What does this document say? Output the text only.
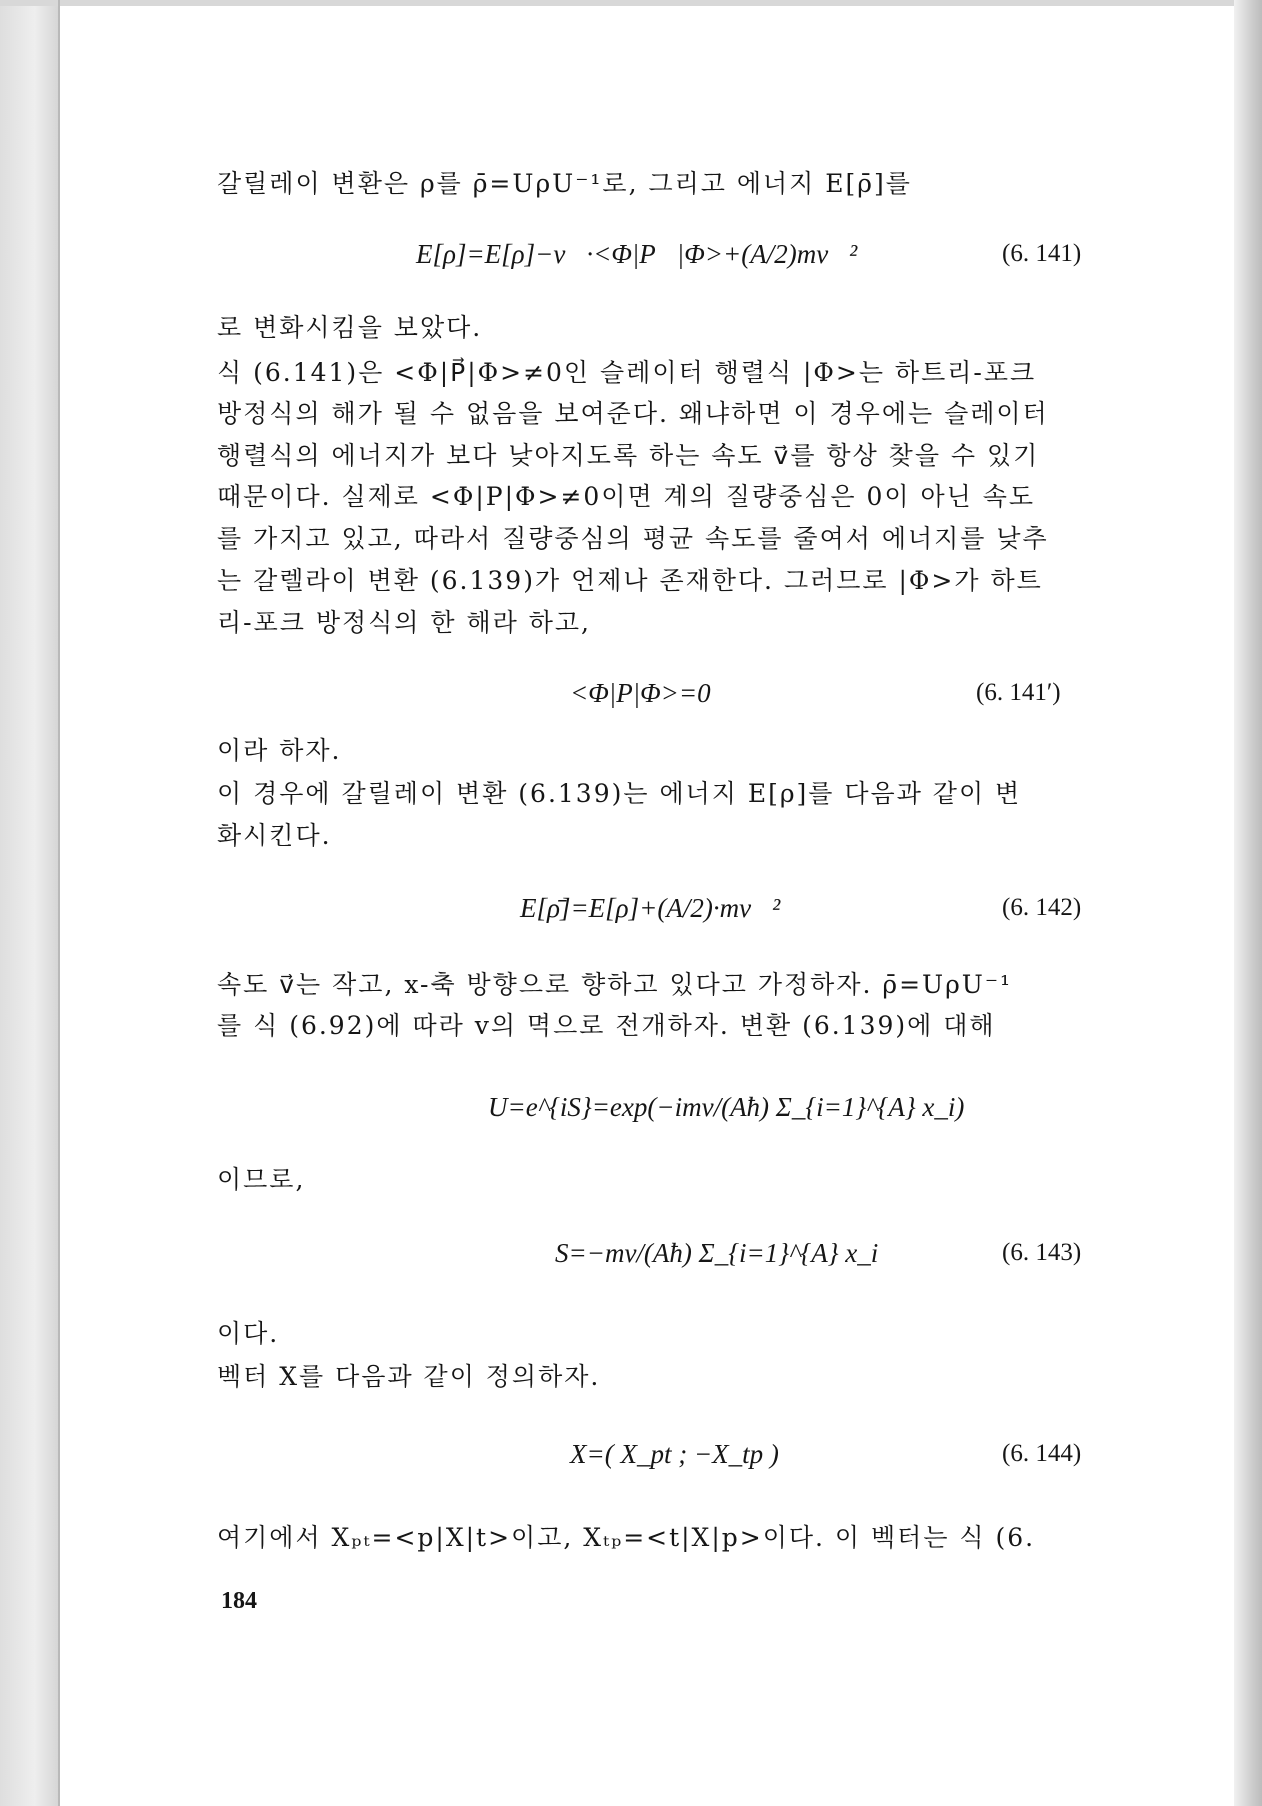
갈릴레이 변환은 ρ를 ρ̄=UρU⁻¹로, 그리고 에너지 E[ρ̄]를
로 변화시킴을 보았다.
식 (6.141)은 <Φ|P⃗|Φ>≠0인 슬레이터 행렬식 |Φ>는 하트리-포크
방정식의 해가 될 수 없음을 보여준다. 왜냐하면 이 경우에는 슬레이터
행렬식의 에너지가 보다 낮아지도록 하는 속도 v⃗를 항상 찾을 수 있기
때문이다. 실제로 <Φ|P|Φ>≠0이면 계의 질량중심은 0이 아닌 속도
를 가지고 있고, 따라서 질량중심의 평균 속도를 줄여서 에너지를 낮추
는 갈렐라이 변환 (6.139)가 언제나 존재한다. 그러므로 |Φ>가 하트
리-포크 방정식의 한 해라 하고,
이라 하자.
이 경우에 갈릴레이 변환 (6.139)는 에너지 E[ρ]를 다음과 같이 변
화시킨다.
속도 v⃗는 작고, x-축 방향으로 향하고 있다고 가정하자. ρ̄=UρU⁻¹
를 식 (6.92)에 따라 v의 멱으로 전개하자. 변환 (6.139)에 대해
이므로,
이다.
벡터 X를 다음과 같이 정의하자.
여기에서 Xₚₜ=<p|X|t>이고, Xₜₚ=<t|X|p>이다. 이 벡터는 식 (6.
E[ρ]=E[ρ]−v⃗·<Φ|P⃗|Φ>+(A/2)mv⃗²	(6. 141)
<Φ|P|Φ>=0	(6. 141′)
E[ρ̄]=E[ρ]+(A/2)·mv⃗²	(6. 142)
U=e^{iS}=exp(−imv/(Aħ) Σ_{i=1}^{A} x_i)
S=−mv/(Aħ) Σ_{i=1}^{A} x_i	(6. 143)
X=( X_pt ; −X_tp )	(6. 144)
184
